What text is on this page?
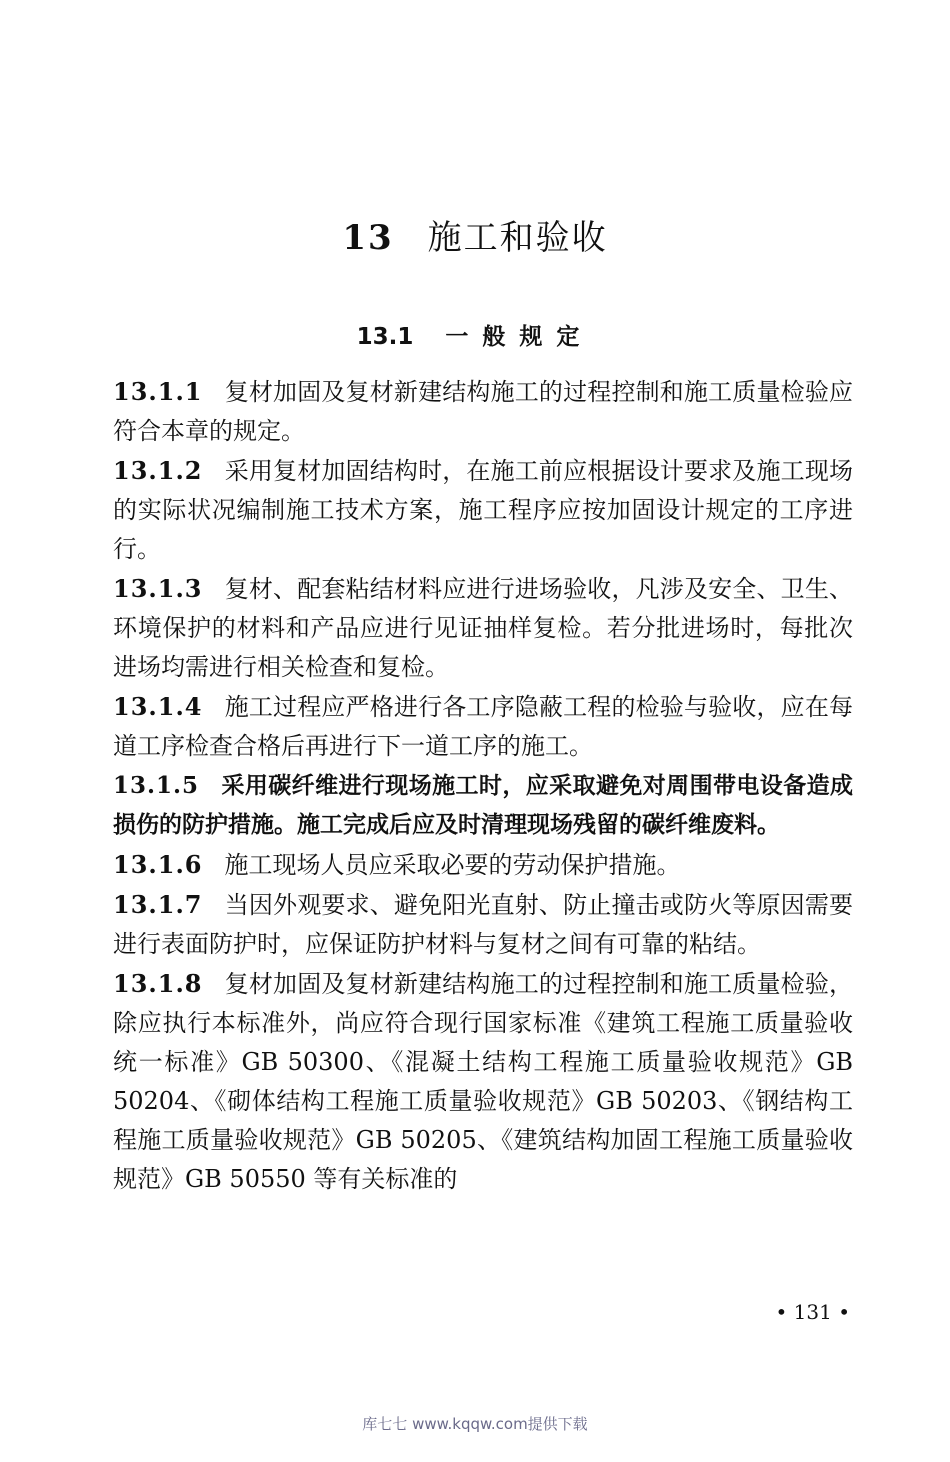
13 施工和验收
13.1 一般规定

13.1.1 复材加固及复材新建结构施工的过程控制和施工质量检验应符合本章的规定。

13.1.2 采用复材加固结构时，在施工前应根据设计要求及施工现场的实际状况编制施工技术方案，施工程序应按加固设计规定的工序进行。

13.1.3 复材、配套粘结材料应进行进场验收，凡涉及安全、卫生、环境保护的材料和产品应进行见证抽样复检。若分批进场时，每批次进场均需进行相关检查和复检。

13.1.4 施工过程应严格进行各工序隐蔽工程的检验与验收，应在每道工序检查合格后再进行下一道工序的施工。

13.1.5 采用碳纤维进行现场施工时，应采取避免对周围带电设备造成损伤的防护措施。施工完成后应及时清理现场残留的碳纤维废料。

13.1.6 施工现场人员应采取必要的劳动保护措施。

13.1.7 当因外观要求、避免阳光直射、防止撞击或防火等原因需要进行表面防护时，应保证防护材料与复材之间有可靠的粘结。

13.1.8 复材加固及复材新建结构施工的过程控制和施工质量检验，除应执行本标准外，尚应符合现行国家标准《建筑工程施工质量验收统一标准》GB 50300、《混凝土结构工程施工质量验收规范》GB 50204、《砌体结构工程施工质量验收规范》GB 50203、《钢结构工程施工质量验收规范》GB 50205、《建筑结构加固工程施工质量验收规范》GB 50550 等有关标准的

• 131 •
库七七 www.kqqw.com提供下载
